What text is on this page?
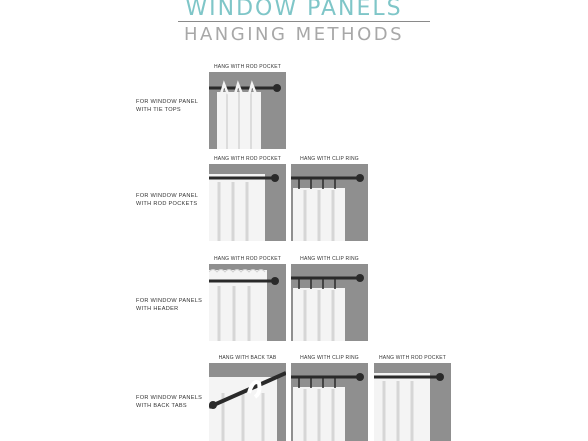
WINDOW PANELS
HANGING METHODS
FOR WINDOW PANEL WITH TIE TOPS
HANG WITH ROD POCKET
FOR WINDOW PANEL WITH ROD POCKETS
HANG WITH ROD POCKET	HANG WITH CLIP RING
FOR WINDOW PANELS WITH HEADER
HANG WITH ROD POCKET	HANG WITH CLIP RING
FOR WINDOW PANELS WITH BACK TABS
HANG WITH BACK TAB	HANG WITH CLIP RING	HANG WITH ROD POCKET
